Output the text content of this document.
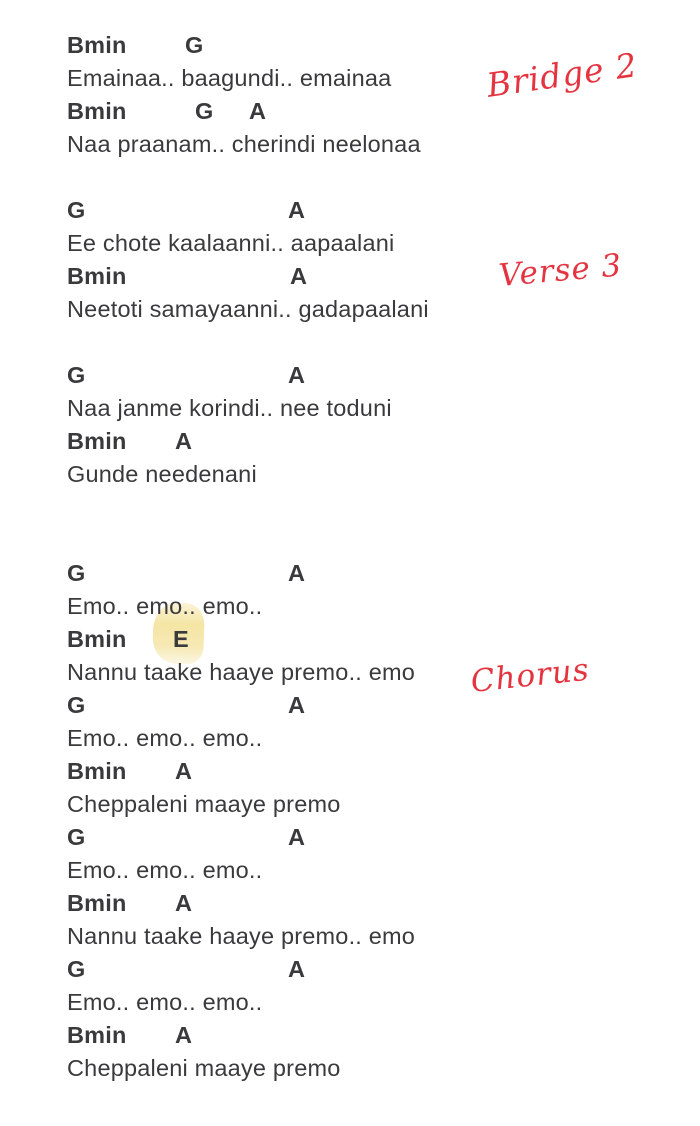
Bmin G
Emainaa.. baagundi.. emainaa
Bmin	G A
Naa praanam.. cherindi neelonaa
G	A
Ee chote kaalaanni.. aapaalani
Bmin	A
Neetoti samayaanni.. gadapaalani
G	A
Naa janme korindi.. nee toduni
Bmin A
Gunde needenani
G	A
Emo.. emo.. emo..
Bmin E
Nannu taake haaye premo.. emo
G	A
Emo.. emo.. emo..
Bmin A
Cheppaleni maaye premo
G	A
Emo.. emo.. emo..
Bmin A
Nannu taake haaye premo.. emo
G	A
Emo.. emo.. emo..
Bmin A
Cheppaleni maaye premo
Bridge 2
Verse 3
Chorus
